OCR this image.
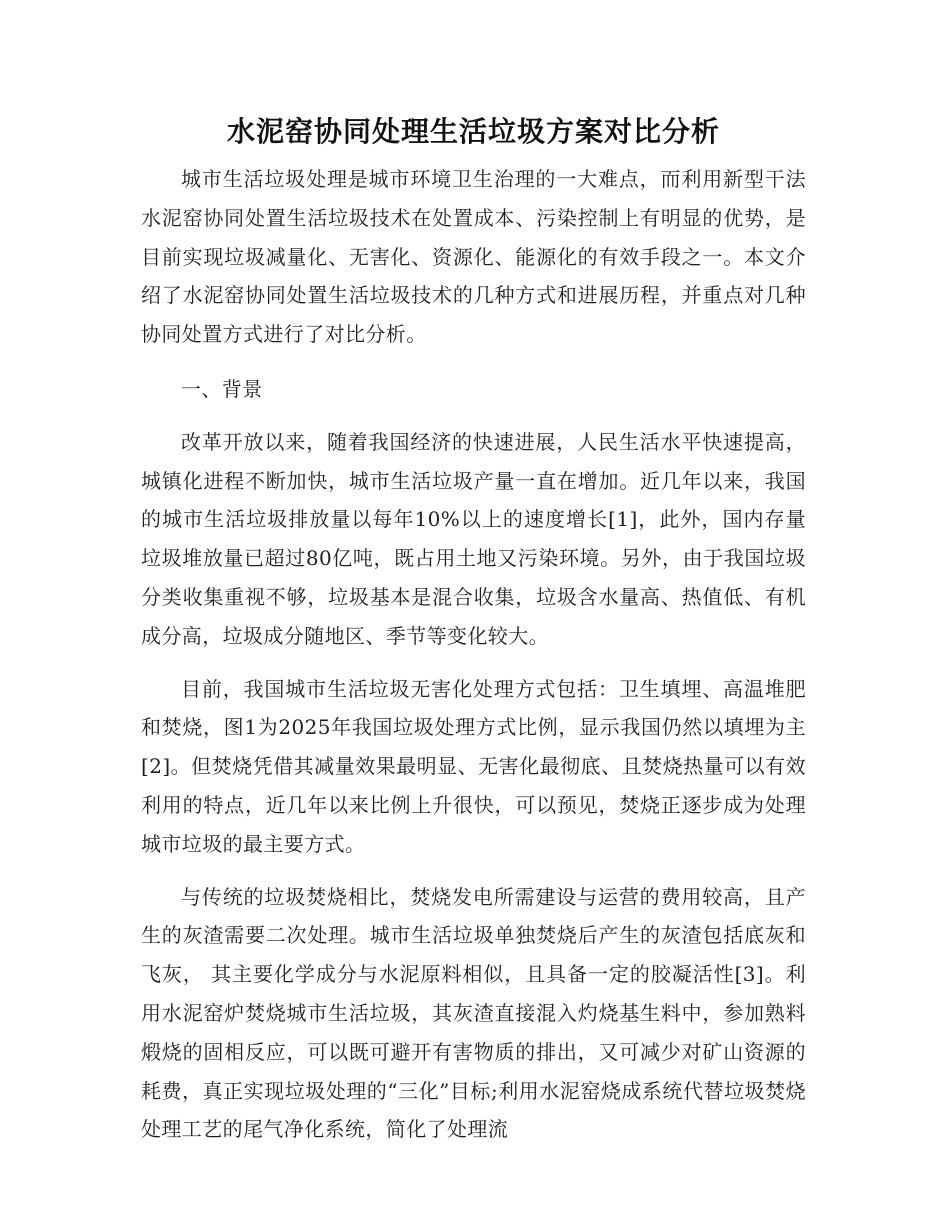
水泥窑协同处理生活垃圾方案对比分析

城市生活垃圾处理是城市环境卫生治理的一大难点，而利用新型干法水泥窑协同处置生活垃圾技术在处置成本、污染控制上有明显的优势，是目前实现垃圾减量化、无害化、资源化、能源化的有效手段之一。本文介绍了水泥窑协同处置生活垃圾技术的几种方式和进展历程，并重点对几种协同处置方式进行了对比分析。

一、背景

改革开放以来，随着我国经济的快速进展，人民生活水平快速提高，城镇化进程不断加快，城市生活垃圾产量一直在增加。近几年以来，我国的城市生活垃圾排放量以每年10%以上的速度增长[1]，此外，国内存量垃圾堆放量已超过80亿吨，既占用土地又污染环境。另外，由于我国垃圾分类收集重视不够，垃圾基本是混合收集，垃圾含水量高、热值低、有机成分高，垃圾成分随地区、季节等变化较大。

目前，我国城市生活垃圾无害化处理方式包括：卫生填埋、高温堆肥和焚烧，图1为2025年我国垃圾处理方式比例，显示我国仍然以填埋为主[2]。但焚烧凭借其减量效果最明显、无害化最彻底、且焚烧热量可以有效利用的特点，近几年以来比例上升很快，可以预见，焚烧正逐步成为处理城市垃圾的最主要方式。

与传统的垃圾焚烧相比，焚烧发电所需建设与运营的费用较高，且产生的灰渣需要二次处理。城市生活垃圾单独焚烧后产生的灰渣包括底灰和飞灰， 其主要化学成分与水泥原料相似，且具备一定的胶凝活性[3]。利用水泥窑炉焚烧城市生活垃圾，其灰渣直接混入灼烧基生料中，参加熟料煅烧的固相反应，可以既可避开有害物质的排出，又可减少对矿山资源的耗费，真正实现垃圾处理的“三化”目标;利用水泥窑烧成系统代替垃圾焚烧处理工艺的尾气净化系统，简化了处理流
